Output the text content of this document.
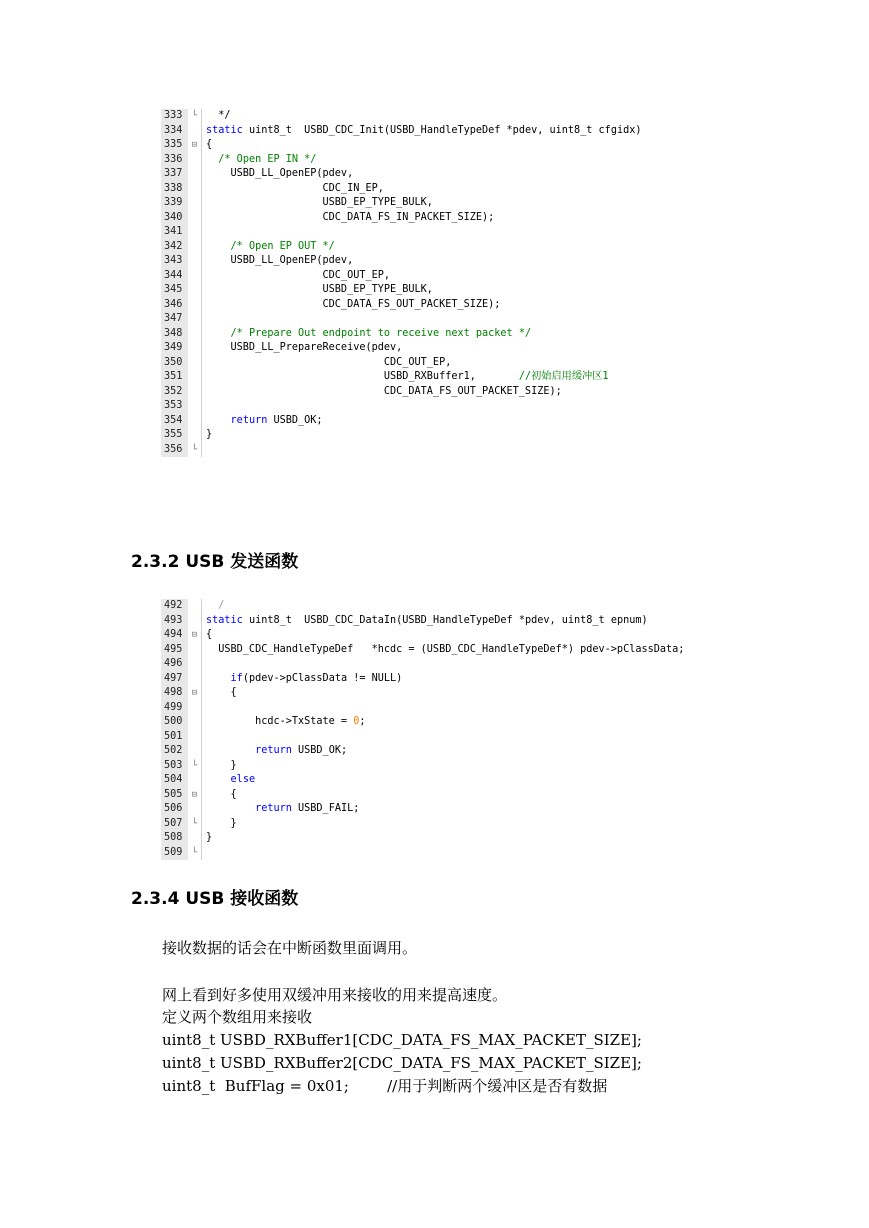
333	└ */
334	static uint8_t  USBD_CDC_Init(USBD_HandleTypeDef *pdev, uint8_t cfgidx)
335	⊟ {
336	/* Open EP IN */
337	USBD_LL_OpenEP(pdev,
338	CDC_IN_EP,
339	USBD_EP_TYPE_BULK,
340	CDC_DATA_FS_IN_PACKET_SIZE);
341
342	/* Open EP OUT */
343	USBD_LL_OpenEP(pdev,
344	CDC_OUT_EP,
345	USBD_EP_TYPE_BULK,
346	CDC_DATA_FS_OUT_PACKET_SIZE);
347
348	/* Prepare Out endpoint to receive next packet */
349	USBD_LL_PrepareReceive(pdev,
350	CDC_OUT_EP,
351	USBD_RXBuffer1,       //初始启用缓冲区1
352	CDC_DATA_FS_OUT_PACKET_SIZE);
353
354	return USBD_OK;
355	}
356	└
2.3.2 USB 发送函数
492	/
493	static uint8_t  USBD_CDC_DataIn(USBD_HandleTypeDef *pdev, uint8_t epnum)
494	⊟ {
495	USBD_CDC_HandleTypeDef   *hcdc = (USBD_CDC_HandleTypeDef*) pdev->pClassData;
496
497	if(pdev->pClassData != NULL)
498	⊟ {
499
500	hcdc->TxState = 0;
501
502	return USBD_OK;
503	└ }
504	else
505	⊟ {
506	return USBD_FAIL;
507	└ }
508	}
509	└
2.3.4 USB 接收函数

接收数据的话会在中断函数里面调用。

网上看到好多使用双缓冲用来接收的用来提高速度。
定义两个数组用来接收
uint8_t USBD_RXBuffer1[CDC_DATA_FS_MAX_PACKET_SIZE];
uint8_t USBD_RXBuffer2[CDC_DATA_FS_MAX_PACKET_SIZE];
uint8_t  BufFlag = 0x01;        //用于判断两个缓冲区是否有数据
